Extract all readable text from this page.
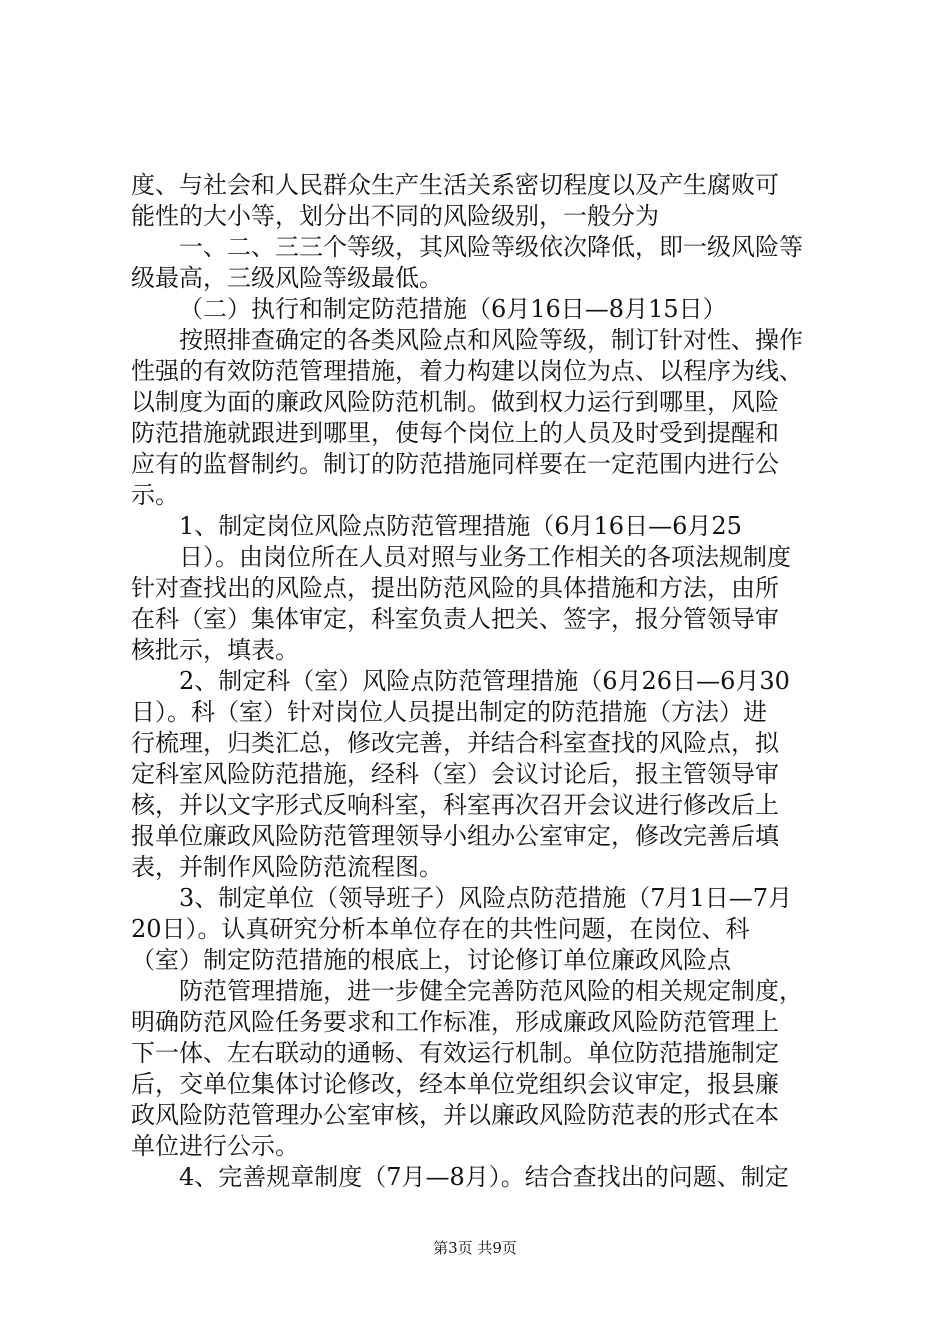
度、与社会和人民群众生产生活关系密切程度以及产生腐败可
能性的大小等，划分出不同的风险级别，一般分为
一、二、三三个等级，其风险等级依次降低，即一级风险等
级最高，三级风险等级最低。
（二）执行和制定防范措施（6月16日—8月15日）
按照排查确定的各类风险点和风险等级，制订针对性、操作
性强的有效防范管理措施，着力构建以岗位为点、以程序为线、
以制度为面的廉政风险防范机制。做到权力运行到哪里，风险
防范措施就跟进到哪里，使每个岗位上的人员及时受到提醒和
应有的监督制约。制订的防范措施同样要在一定范围内进行公
示。
1、制定岗位风险点防范管理措施（6月16日—6月25
日）。由岗位所在人员对照与业务工作相关的各项法规制度
针对查找出的风险点，提出防范风险的具体措施和方法，由所
在科（室）集体审定，科室负责人把关、签字，报分管领导审
核批示，填表。
2、制定科（室）风险点防范管理措施（6月26日—6月30
日）。科（室）针对岗位人员提出制定的防范措施（方法）进
行梳理，归类汇总，修改完善，并结合科室查找的风险点，拟
定科室风险防范措施，经科（室）会议讨论后，报主管领导审
核，并以文字形式反响科室，科室再次召开会议进行修改后上
报单位廉政风险防范管理领导小组办公室审定，修改完善后填
表，并制作风险防范流程图。
3、制定单位（领导班子）风险点防范措施（7月1日—7月
20日）。认真研究分析本单位存在的共性问题，在岗位、科
（室）制定防范措施的根底上，讨论修订单位廉政风险点
防范管理措施，进一步健全完善防范风险的相关规定制度，
明确防范风险任务要求和工作标准，形成廉政风险防范管理上
下一体、左右联动的通畅、有效运行机制。单位防范措施制定
后，交单位集体讨论修改，经本单位党组织会议审定，报县廉
政风险防范管理办公室审核，并以廉政风险防范表的形式在本
单位进行公示。
4、完善规章制度（7月—8月）。结合查找出的问题、制定
第3页 共9页
